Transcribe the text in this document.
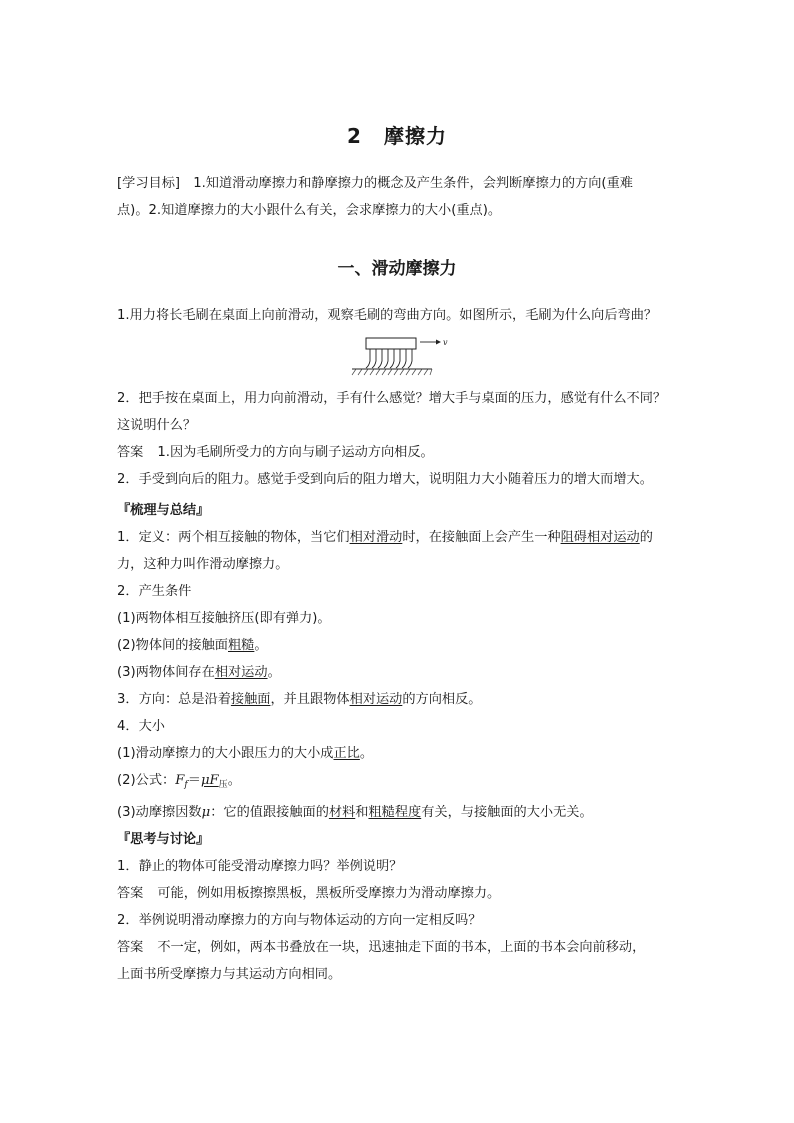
2 摩擦力

[学习目标]　1.知道滑动摩擦力和静摩擦力的概念及产生条件，会判断摩擦力的方向(重难

点)。2.知道摩擦力的大小跟什么有关，会求摩擦力的大小(重点)。

一、滑动摩擦力

1.用力将长毛刷在桌面上向前滑动，观察毛刷的弯曲方向。如图所示，毛刷为什么向后弯曲？

v

2．把手按在桌面上，用力向前滑动，手有什么感觉？增大手与桌面的压力，感觉有什么不同？

这说明什么？

答案 1.因为毛刷所受力的方向与刷子运动方向相反。

2．手受到向后的阻力。感觉手受到向后的阻力增大，说明阻力大小随着压力的增大而增大。

『梳理与总结』

1．定义：两个相互接触的物体，当它们相对滑动时，在接触面上会产生一种阻碍相对运动的

力，这种力叫作滑动摩擦力。

2．产生条件

(1)两物体相互接触挤压(即有弹力)。

(2)物体间的接触面粗糙。

(3)两物体间存在相对运动。

3．方向：总是沿着接触面，并且跟物体相对运动的方向相反。

4．大小

(1)滑动摩擦力的大小跟压力的大小成正比。

(2)公式：$F_f=\mu F_压$。

(3)动摩擦因数μ：它的值跟接触面的材料和粗糙程度有关，与接触面的大小无关。

『思考与讨论』

1．静止的物体可能受滑动摩擦力吗？举例说明？

答案 可能，例如用板擦擦黑板，黑板所受摩擦力为滑动摩擦力。

2．举例说明滑动摩擦力的方向与物体运动的方向一定相反吗？

答案 不一定，例如，两本书叠放在一块，迅速抽走下面的书本，上面的书本会向前移动，

上面书所受摩擦力与其运动方向相同。
